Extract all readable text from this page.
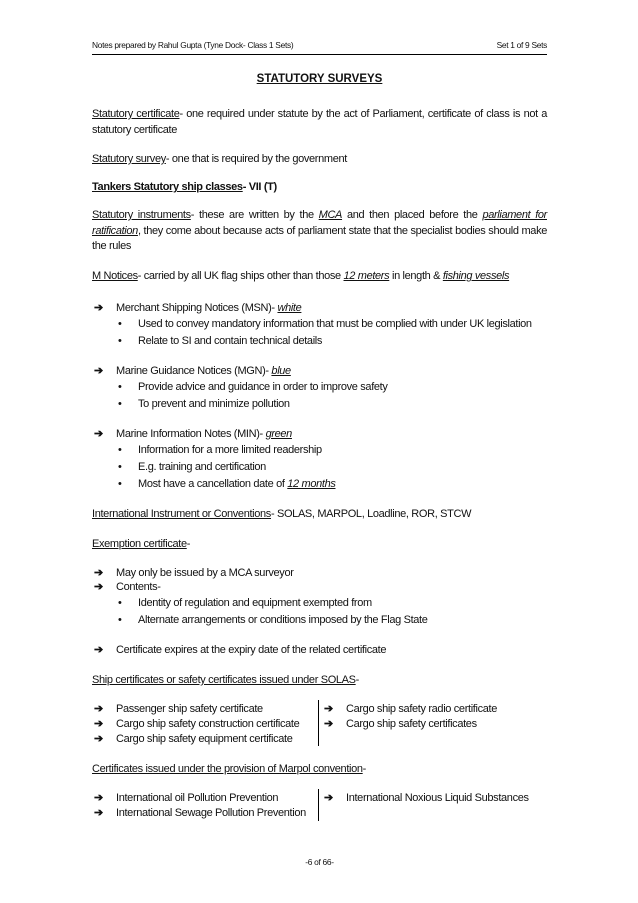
Notes prepared by Rahul Gupta (Tyne Dock- Class 1 Sets)	Set 1 of 9 Sets
STATUTORY SURVEYS
Statutory certificate- one required under statute by the act of Parliament, certificate of class is not a statutory certificate
Statutory survey- one that is required by the government
Tankers Statutory ship classes- VII (T)
Statutory instruments- these are written by the MCA and then placed before the parliament for ratification, they come about because acts of parliament state that the specialist bodies should make the rules
M Notices- carried by all UK flag ships other than those 12 meters in length & fishing vessels
➔ Merchant Shipping Notices (MSN)- white
• Used to convey mandatory information that must be complied with under UK legislation
• Relate to SI and contain technical details
➔ Marine Guidance Notices (MGN)- blue
• Provide advice and guidance in order to improve safety
• To prevent and minimize pollution
➔ Marine Information Notes (MIN)- green
• Information for a more limited readership
• E.g. training and certification
• Most have a cancellation date of 12 months
International Instrument or Conventions- SOLAS, MARPOL, Loadline, ROR, STCW
Exemption certificate-
➔ May only be issued by a MCA surveyor
➔ Contents-
• Identity of regulation and equipment exempted from
• Alternate arrangements or conditions imposed by the Flag State
➔ Certificate expires at the expiry date of the related certificate
Ship certificates or safety certificates issued under SOLAS-
➔ Passenger ship safety certificate
➔ Cargo ship safety construction certificate
➔ Cargo ship safety equipment certificate
➔ Cargo ship safety radio certificate
➔ Cargo ship safety certificates
Certificates issued under the provision of Marpol convention-
➔ International oil Pollution Prevention
➔ International Sewage Pollution Prevention
➔ International Noxious Liquid Substances
-6 of 66-
